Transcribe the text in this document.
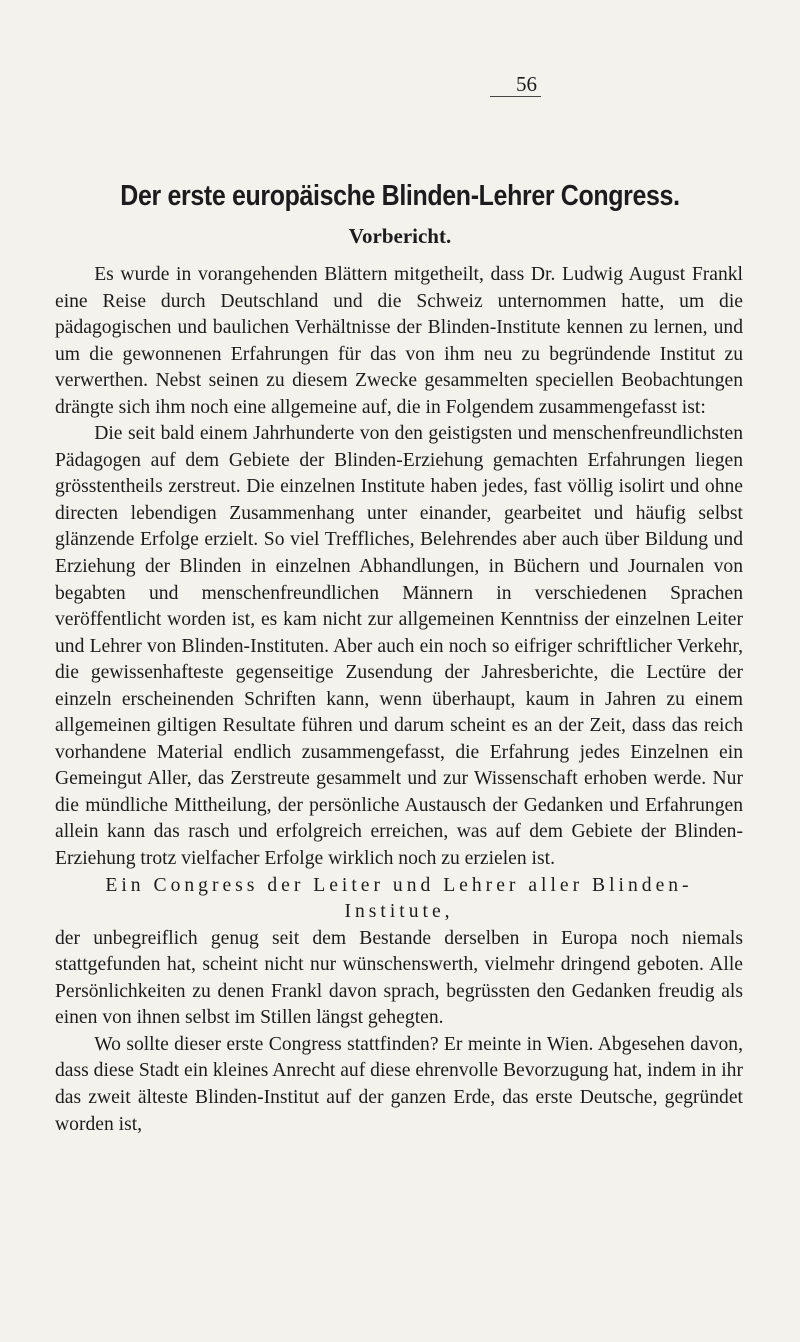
56
Der erste europäische Blinden-Lehrer Congress.
Vorbericht.

Es wurde in vorangehenden Blättern mitgetheilt, dass Dr. Ludwig August Frankl eine Reise durch Deutschland und die Schweiz unternommen hatte, um die pädagogischen und baulichen Verhältnisse der Blinden-Institute kennen zu lernen, und um die gewonnenen Erfahrungen für das von ihm neu zu begründende Institut zu verwerthen. Nebst seinen zu diesem Zwecke gesammelten speciellen Beobachtungen drängte sich ihm noch eine allgemeine auf, die in Folgendem zusammengefasst ist:

Die seit bald einem Jahrhunderte von den geistigsten und menschenfreundlichsten Pädagogen auf dem Gebiete der Blinden-Erziehung gemachten Erfahrungen liegen grösstentheils zerstreut. Die einzelnen Institute haben jedes, fast völlig isolirt und ohne directen lebendigen Zusammenhang unter einander, gearbeitet und häufig selbst glänzende Erfolge erzielt. So viel Treffliches, Belehrendes aber auch über Bildung und Erziehung der Blinden in einzelnen Abhandlungen, in Büchern und Journalen von begabten und menschenfreundlichen Männern in verschiedenen Sprachen veröffentlicht worden ist, es kam nicht zur allgemeinen Kenntniss der einzelnen Leiter und Lehrer von Blinden-Instituten. Aber auch ein noch so eifriger schriftlicher Verkehr, die gewissenhafteste gegenseitige Zusendung der Jahresberichte, die Lectüre der einzeln erscheinenden Schriften kann, wenn überhaupt, kaum in Jahren zu einem allgemeinen giltigen Resultate führen und darum scheint es an der Zeit, dass das reich vorhandene Material endlich zusammengefasst, die Erfahrung jedes Einzelnen ein Gemeingut Aller, das Zerstreute gesammelt und zur Wissenschaft erhoben werde. Nur die mündliche Mittheilung, der persönliche Austausch der Gedanken und Erfahrungen allein kann das rasch und erfolgreich erreichen, was auf dem Gebiete der Blinden-Erziehung trotz vielfacher Erfolge wirklich noch zu erzielen ist.

Ein Congress der Leiter und Lehrer aller Blinden-Institute,

der unbegreiflich genug seit dem Bestande derselben in Europa noch niemals stattgefunden hat, scheint nicht nur wünschenswerth, vielmehr dringend geboten. Alle Persönlichkeiten zu denen Frankl davon sprach, begrüssten den Gedanken freudig als einen von ihnen selbst im Stillen längst gehegten.

Wo sollte dieser erste Congress stattfinden? Er meinte in Wien. Abgesehen davon, dass diese Stadt ein kleines Anrecht auf diese ehrenvolle Bevorzugung hat, indem in ihr das zweit älteste Blinden-Institut auf der ganzen Erde, das erste Deutsche, gegründet worden ist,
